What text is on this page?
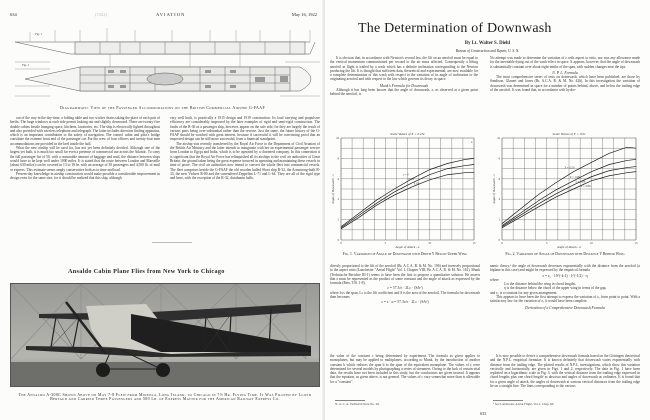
634	(1922)	AVIATION	May 16, 1922
Fig. 1
Fig. 2
Diagrammatic View of the Passenger Accommodations on the British Commercial Airship G-FAAF

out of the way in the day-time, a folding table and two wicker chairs taking the place of each pair of berths. The large windows at each side permit looking out and slightly downward. There are twenty-five double cabins beside lounging space, kitchens, lavatories, etc. The ship is electrically lighted throughout and also provided with wireless telephone and telegraph. The latter includes direction finding apparatus, which is an important contribution to the safety of navigation. The control cabin and pilot's bridge constitute the extreme front end of the passenger car. For the crew of four officers and twenty-four men accommodations are provided in the keel inside the hull.

What the new airship will be used for, has not yet been definitely decided. Although one of the largest yet built, it is much too small for even a pretense of commercial use across the Atlantic. To carry the full passenger list of 50, with a reasonable amount of baggage and mail, the distance between ships would have to be kept well under 1000 miles. It is stated that the route between London and Marseille (about 630 miles) can be covered in 13 to 18 hr. with an average of 30 passengers and 4,500 lb. of mail or express. This estimate seems amply conservative both as to time and load.

Present-day knowledge in airship construction would make possible a considerable improvement in design even for the same size, for it should be realized that this ship, although

very well built, is practically a 1915 design and 1919 construction. Its load carrying and propulsive efficiency are considerably improved by the later examples of rigid and semi-rigid construction. The faults of the R-36 as a passenger ship, however, appear on the safe side, for they are largely the result of various parts being over-substantial rather than the reverse. Just the same, the future history of the G-FAAF should be watched with great interest, because if successful it will be convincing proof that an improved design can be still more successful, from a financial standpoint.

The airship was recently transferred by the Royal Air Force to the Department of Civil Aviation of the British Air Ministry and the latter intends to inaugurate with her an experimental passenger service from London to Egypt and India, which is to be operated by a chartered company. In this connection it is significant that the Royal Air Force has relinquished all its airships to the civil air authorities of Great Britain, the ground taken being the great expense incurred in operating and maintaining these vessels in time of peace. The civil air authorities now intend to convert the whole fleet into commercial vessels. The fleet comprises beside the G-FAAF the old wooden hulled Short ship R-32, the Armstrong-built R-33, the new Vickers R-80 and the surrendered Zeppelins L-71 and L-64. They are all of the rigid type and have, with the exception of the R-32, duralumin hulls.

Ansaldo Cabin Plane Flies from New York to Chicago
The Ansaldo A-300C Shown Above on May 7-8 Flew from Mineola, Long Island, to Chicago in 7½ Hr. Flying Time. It Was Piloted by Lloyd Bertaud and Carried Three Passengers and 500 Lb. of Express Matter for the American Railway Express Co.
The Determination of Downwash
By Lt. Walter S. Diehl
Bureau of Construction and Repair, U. S. N.

It is obvious that, in accordance with Newton's second law, the lift on an aerofoil must be equal to the vertical momentum communicated per second to the air mass affected. Consequently a lifting aerofoil in flight is trailed by a wash which has a definite inclination corresponding to the Newton producing the lift. It is thought that sufficient data, theoretical and experimental, are now available for a complete determination of this wash with respect to the variation of its angle of inclination to the originating aerofoil and with respect to the law which governs its decay in space.

Munk's Formula for Downwash

Although it has long been known that the angle of downwash, ε, as observed at a given point behind the aerofoil, is

No attempt was made to determine the variation of ε with aspect to ratio, nor was any allowance made for the inevitable dying out of the wash effect in space. It appears, however, that the angle of downwash is substantially constant over about eight-tenths of the span, with sudden changes near the tips.

N. P. L. Formula

The most comprehensive series of tests on downwash, which have been published, are those by Sandison, Glauert and Jones (Br. A.C.A. R. & M. No. 426). In this investigation the variation of downwash was determined in space for a number of points behind, above, and below the trailing edge of the aerofoil. It was found that, in accordance with hydro-

Scale Values of X = 0.25c
0	5	10	15
0
2
4
6
8
10
Angle of Attack - α
Angle of Downwash - ε
a
y = 0
0.25c
0.50c
Scale Values of Y = 0.0c
0	5	10	15
0
2
4
6
8
10
Angle of Attack - α
Angle of Downwash - ε
X = 0.25c
X = 1.00c
X = 2.00c
X = 3.00c
Fig. 1. Variation of Angle of Downwash with Depth Y Below Upper Wing	Fig. 2. Variation of Angle of Downwash with Distance Y Behind Wing

directly proportional to the lift of the aerofoil (Br. A.C.A. R. & M. No. 196) and inversely proportional to the aspect ratio (Lanchester "Aerial Flight" Vol. I, Chapter VIII, Br. A.C.A. R. & M. No. 161). Munk (Technische Berichte III-1) seems to have been the first to propose a quantitative solution. He asserts that ε must be represented as the product of some constant and the angle of attack as expressed by the formula (Rets, T.B. 1-8),

ε = 57.3/π · 2Lc · (S/b²)

where b is the span, Lc is the lift coefficient and S is the area of the aerofoil. The formula for downwash then becomes

ε = ε · α = 57.3c/π · 2Lc · (S/b²)

the value of the constant c being determined by experiment. The formula as given applies to monoplanes, but may be applied to multiplanes, according to Munk, by the introduction of another constant k which reduces the span b to the span of the equivalent monoplane. The values of ε were determined for several models by photographing a series of streamers. Owing to the lack of certain vital data, the results have not been included in this study, but the conclusions are given instead. It appears that the equation, as given above, is not general. The values of c vary somewhat more than is allowable for a "constant".

namic theory,¹ the angle of downwash decreases exponentially with the distance from the aerofoil (a biplane in this case) and might be expressed by the empirical formula

ε = ε₀ · 10^(-k·ξ) · ξ^(-1/2) · η

where

ξ is the distance behind the wing in chord lengths,

η is the distance below the chord of the upper wing in terms of the gap,

and ε₀ is a constant for any given arrangement.

This appears to have been the first attempt to express the variation of ε₀ from point to point. With a satisfactory law for the variation of ε₀ it would have been complete.

Derivation of a Comprehensive Downwash Formula

It is now possible to derive a comprehensive downwash formula based on the Göttingen theoretical and the N.P.L. empirical formulae. It is known definitely that downwash varies exponentially with distance from the trailing edge. The plotted results of N.P.L. investigations, which show this variation vertically and horizontally, are given in Figs. 1 and 2, respectively. The data in Fig. 1 have been replotted on a logarithmic scale in Fig. 3, with the vertical distance from the trailing edge expressed in chord lengths plus one chord length² as abscissa and angles of downwash as ordinates. It is found that for a given angle of attack, the angles of downwash at various vertical distances from the trailing edge lie on a straight line. The lines corresponding to the various

N. A. C. A. Technical Note No. 49.	¹ See Lanchester, Aerial Flight, Vol. I, Chap. III.
635
